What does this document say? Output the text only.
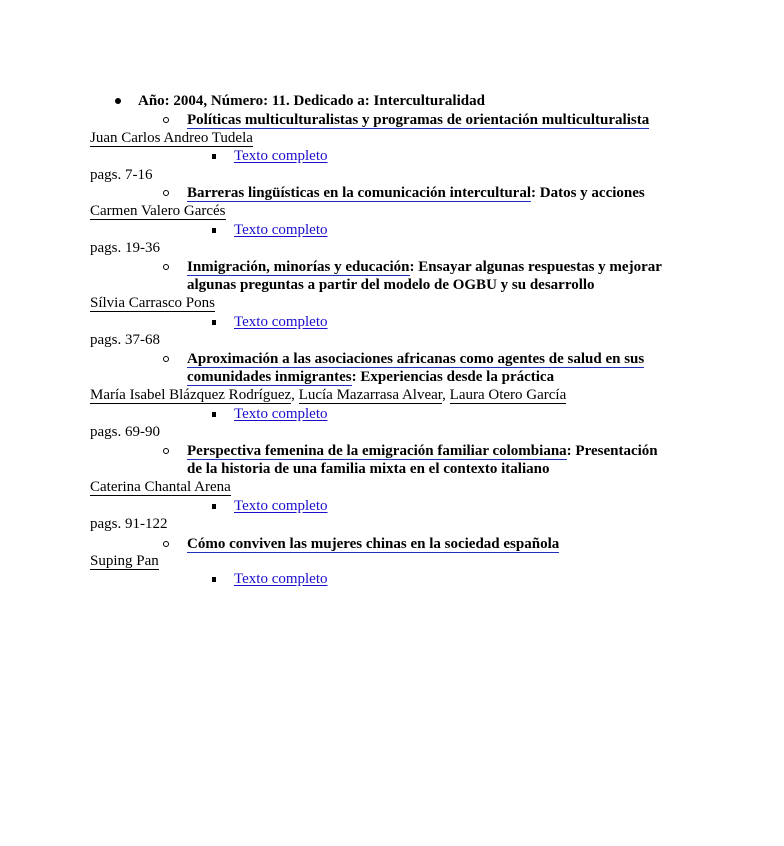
Año: 2004, Número: 11. Dedicado a: Interculturalidad
Políticas multiculturalistas y programas de orientación multiculturalista
Juan Carlos Andreo Tudela
Texto completo
pags. 7-16
Barreras lingüísticas en la comunicación intercultural: Datos y acciones
Carmen Valero Garcés
Texto completo
pags. 19-36
Inmigración, minorías y educación: Ensayar algunas respuestas y mejorar
algunas preguntas a partir del modelo de OGBU y su desarrollo
Sílvia Carrasco Pons
Texto completo
pags. 37-68
Aproximación a las asociaciones africanas como agentes de salud en sus
comunidades inmigrantes: Experiencias desde la práctica
María Isabel Blázquez Rodríguez, Lucía Mazarrasa Alvear, Laura Otero García
Texto completo
pags. 69-90
Perspectiva femenina de la emigración familiar colombiana: Presentación
de la historia de una familia mixta en el contexto italiano
Caterina Chantal Arena
Texto completo
pags. 91-122
Cómo conviven las mujeres chinas en la sociedad española
Suping Pan
Texto completo
